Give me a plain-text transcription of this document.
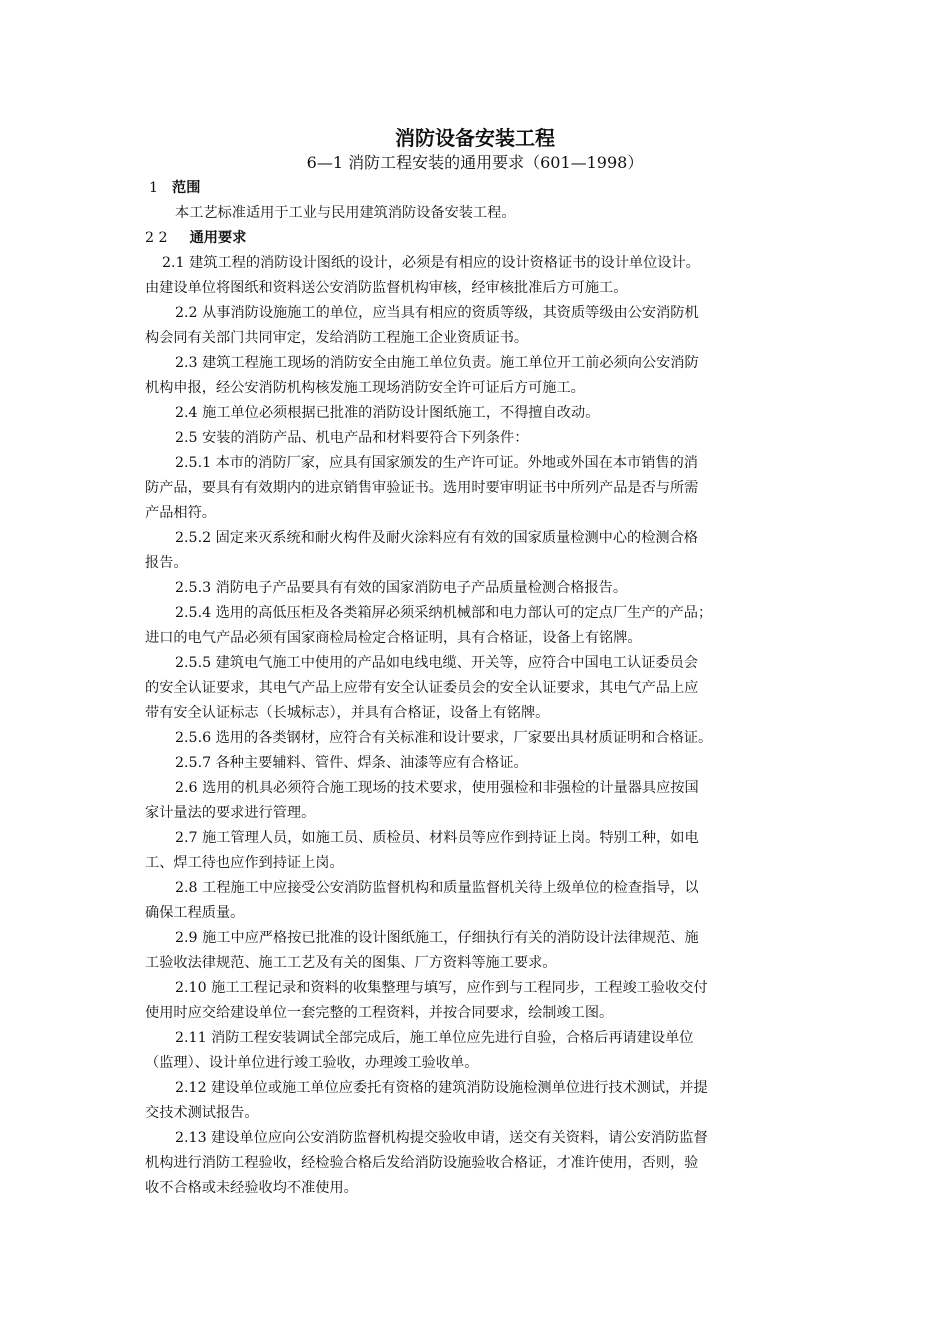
消防设备安装工程
6—1 消防工程安装的通用要求（601—1998）
1 范围
本工艺标准适用于工业与民用建筑消防设备安装工程。
2 2 通用要求
2.1 建筑工程的消防设计图纸的设计，必须是有相应的设计资格证书的设计单位设计。
由建设单位将图纸和资料送公安消防监督机构审核，经审核批准后方可施工。
2.2 从事消防设施施工的单位，应当具有相应的资质等级，其资质等级由公安消防机
构会同有关部门共同审定，发给消防工程施工企业资质证书。
2.3 建筑工程施工现场的消防安全由施工单位负责。施工单位开工前必须向公安消防
机构申报，经公安消防机构核发施工现场消防安全许可证后方可施工。
2.4 施工单位必须根据已批准的消防设计图纸施工，不得擅自改动。
2.5 安装的消防产品、机电产品和材料要符合下列条件：
2.5.1 本市的消防厂家，应具有国家颁发的生产许可证。外地或外国在本市销售的消
防产品，要具有有效期内的进京销售审验证书。选用时要审明证书中所列产品是否与所需
产品相符。
2.5.2 固定来灭系统和耐火构件及耐火涂料应有有效的国家质量检测中心的检测合格
报告。
2.5.3 消防电子产品要具有有效的国家消防电子产品质量检测合格报告。
2.5.4 选用的高低压柜及各类箱屏必须采纳机械部和电力部认可的定点厂生产的产品；
进口的电气产品必须有国家商检局检定合格证明，具有合格证，设备上有铭牌。
2.5.5 建筑电气施工中使用的产品如电线电缆、开关等，应符合中国电工认证委员会
的安全认证要求，其电气产品上应带有安全认证委员会的安全认证要求，其电气产品上应
带有安全认证标志（长城标志），并具有合格证，设备上有铭牌。
2.5.6 选用的各类钢材，应符合有关标准和设计要求，厂家要出具材质证明和合格证。
2.5.7 各种主要辅料、管件、焊条、油漆等应有合格证。
2.6 选用的机具必须符合施工现场的技术要求，使用强检和非强检的计量器具应按国
家计量法的要求进行管理。
2.7 施工管理人员，如施工员、质检员、材料员等应作到持证上岗。特别工种，如电
工、焊工待也应作到持证上岗。
2.8 工程施工中应接受公安消防监督机构和质量监督机关待上级单位的检查指导，以
确保工程质量。
2.9 施工中应严格按已批准的设计图纸施工，仔细执行有关的消防设计法律规范、施
工验收法律规范、施工工艺及有关的图集、厂方资料等施工要求。
2.10 施工工程记录和资料的收集整理与填写，应作到与工程同步，工程竣工验收交付
使用时应交给建设单位一套完整的工程资料，并按合同要求，绘制竣工图。
2.11 消防工程安装调试全部完成后，施工单位应先进行自验，合格后再请建设单位
（监理）、设计单位进行竣工验收，办理竣工验收单。
2.12 建设单位或施工单位应委托有资格的建筑消防设施检测单位进行技术测试，并提
交技术测试报告。
2.13 建设单位应向公安消防监督机构提交验收申请，送交有关资料，请公安消防监督
机构进行消防工程验收，经检验合格后发给消防设施验收合格证，才准许使用，否则，验
收不合格或未经验收均不准使用。
